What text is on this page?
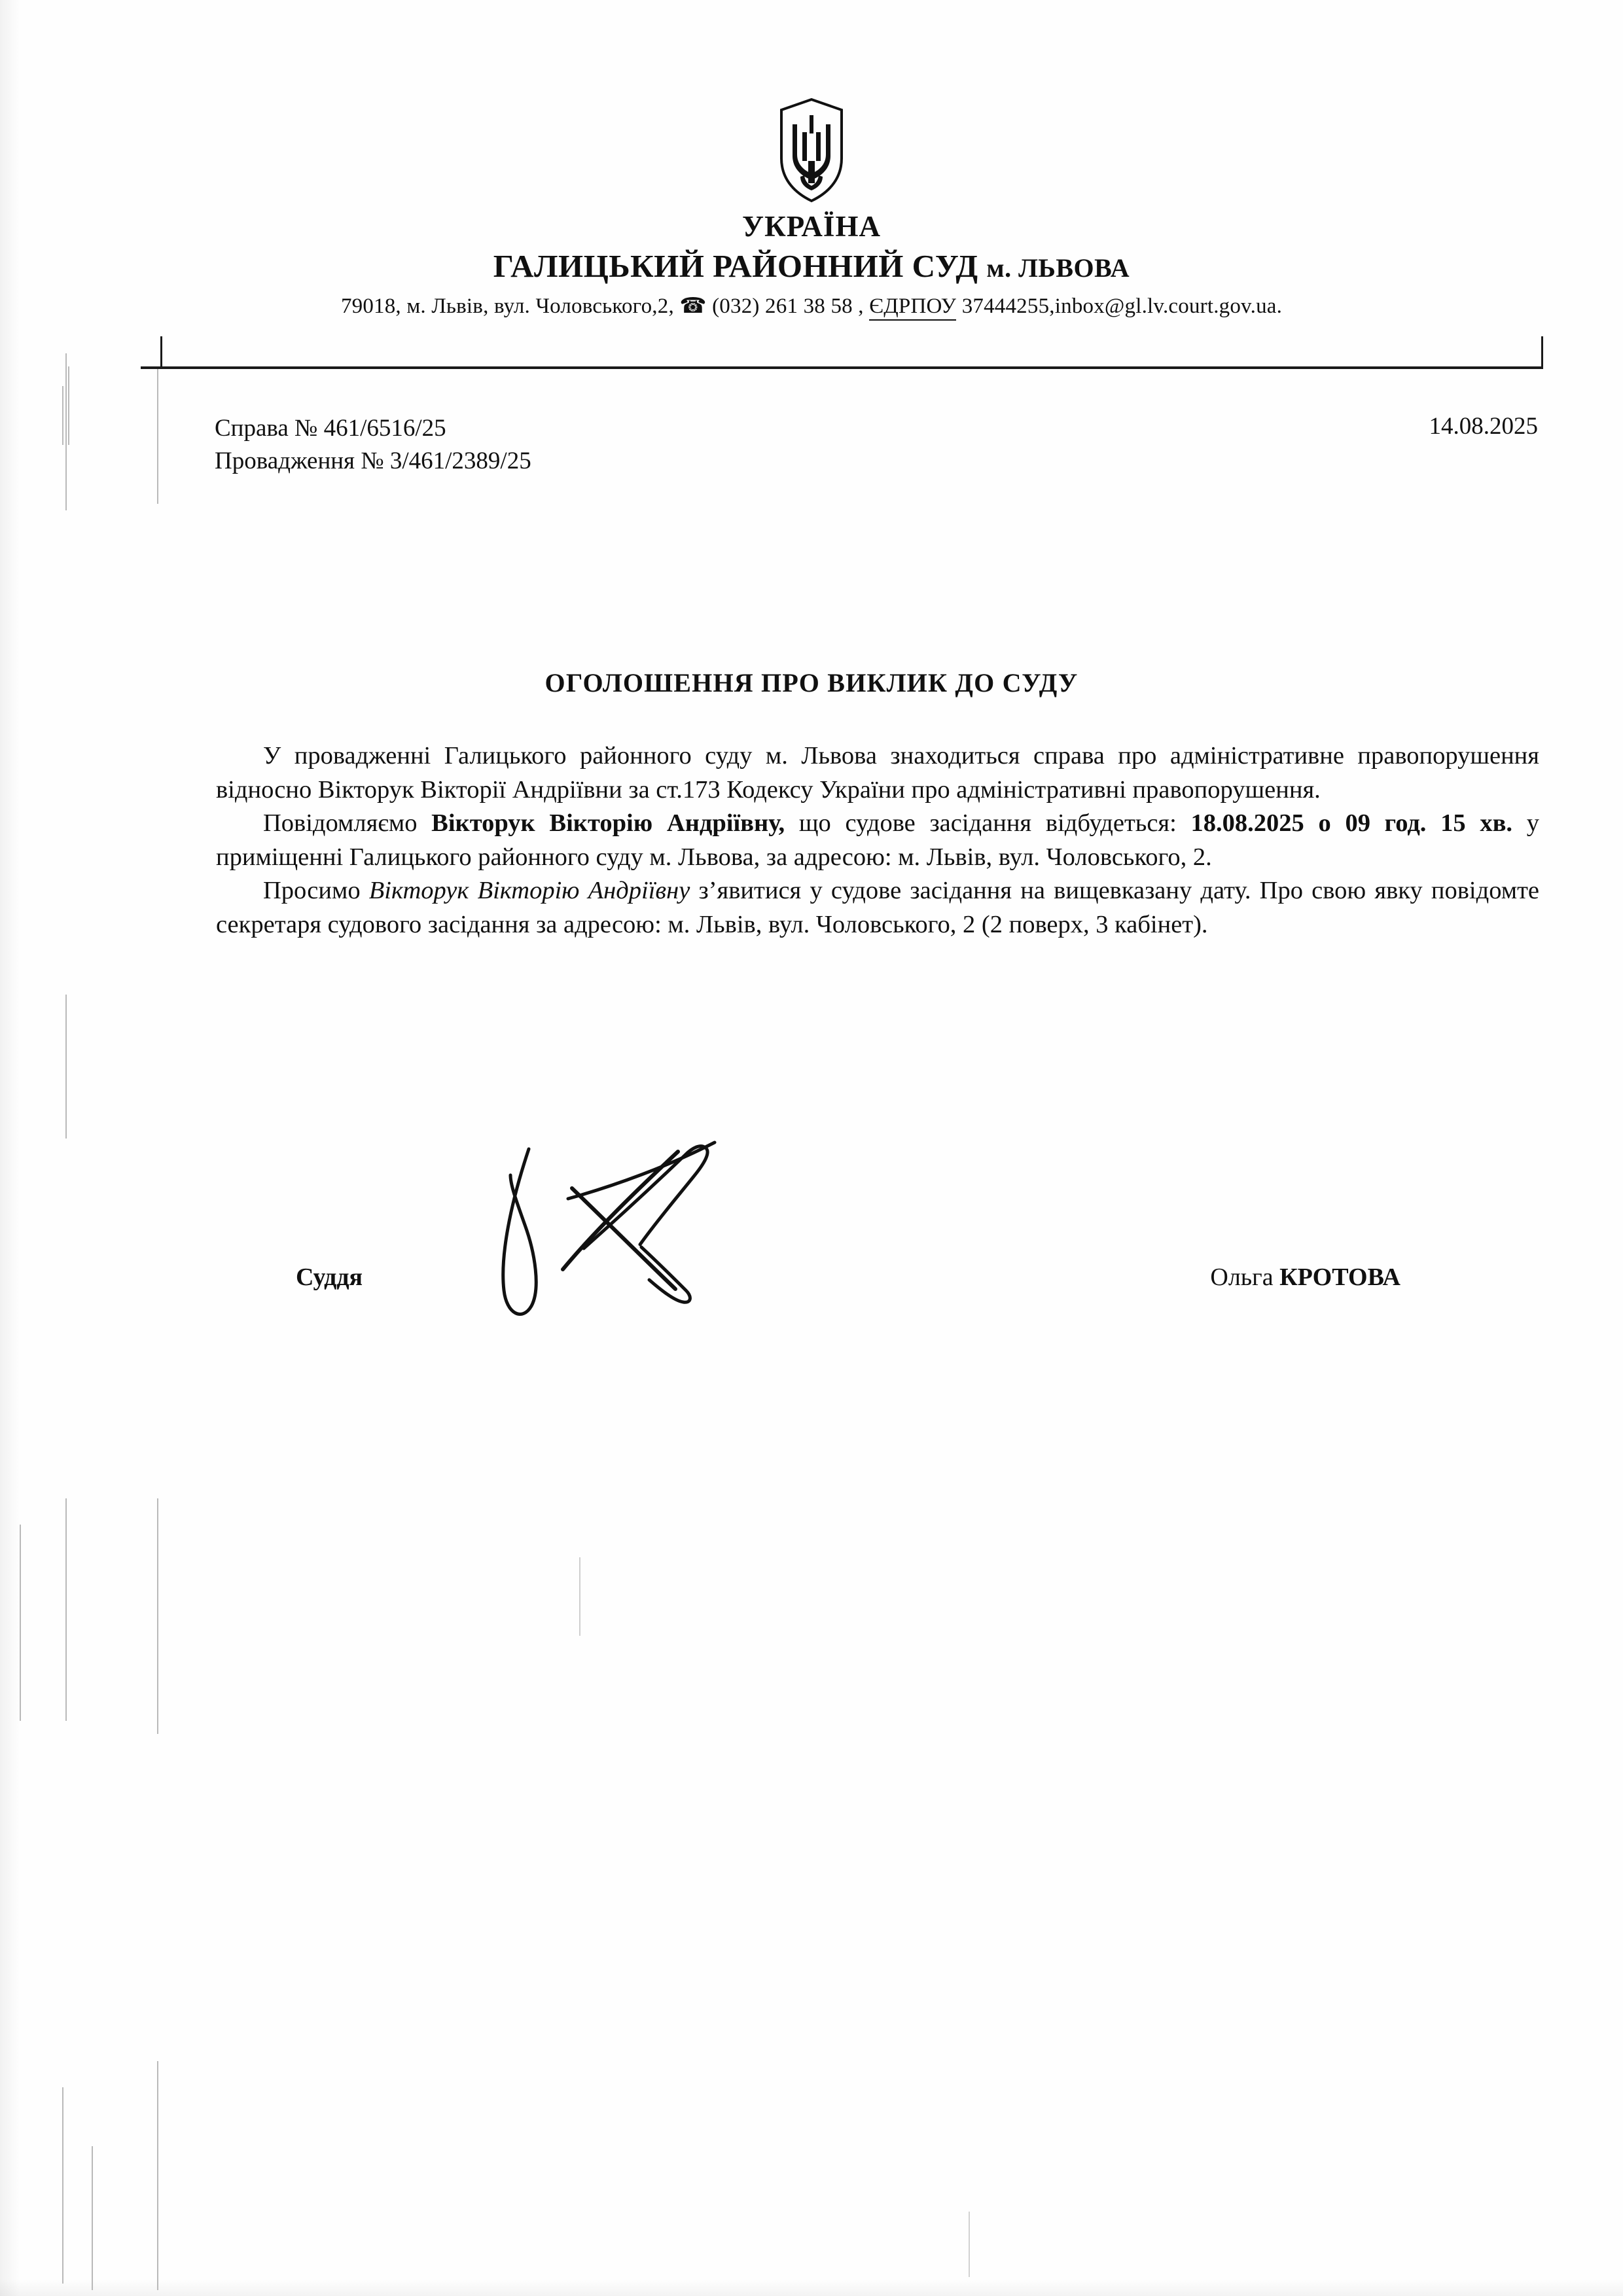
УКРАЇНА
ГАЛИЦЬКИЙ РАЙОННИЙ СУД м. ЛЬВОВА
79018, м. Львів, вул. Чоловського,2, ☎ (032) 261 38 58 , ЄДРПОУ 37444255,inbox@gl.lv.court.gov.ua.
Справа № 461/6516/25
Провадження № 3/461/2389/25
14.08.2025
ОГОЛОШЕННЯ ПРО ВИКЛИК ДО СУДУ

У провадженні Галицького районного суду м. Львова знаходиться справа про адміністративне правопорушення відносно Вікторук Вікторії Андріївни за ст.173 Кодексу України про адміністративні правопорушення.

Повідомляємо Вікторук Вікторію Андріївну, що судове засідання відбудеться: 18.08.2025 о 09 год. 15 хв. у приміщенні Галицького районного суду м. Львова, за адресою: м. Львів, вул. Чоловського, 2.

Просимо Вікторук Вікторію Андріївну з’явитися у судове засідання на вищевказану дату. Про свою явку повідомте секретаря судового засідання за адресою: м. Львів, вул. Чоловського, 2 (2 поверх, 3 кабінет).

Суддя	Ольга КРОТОВА
